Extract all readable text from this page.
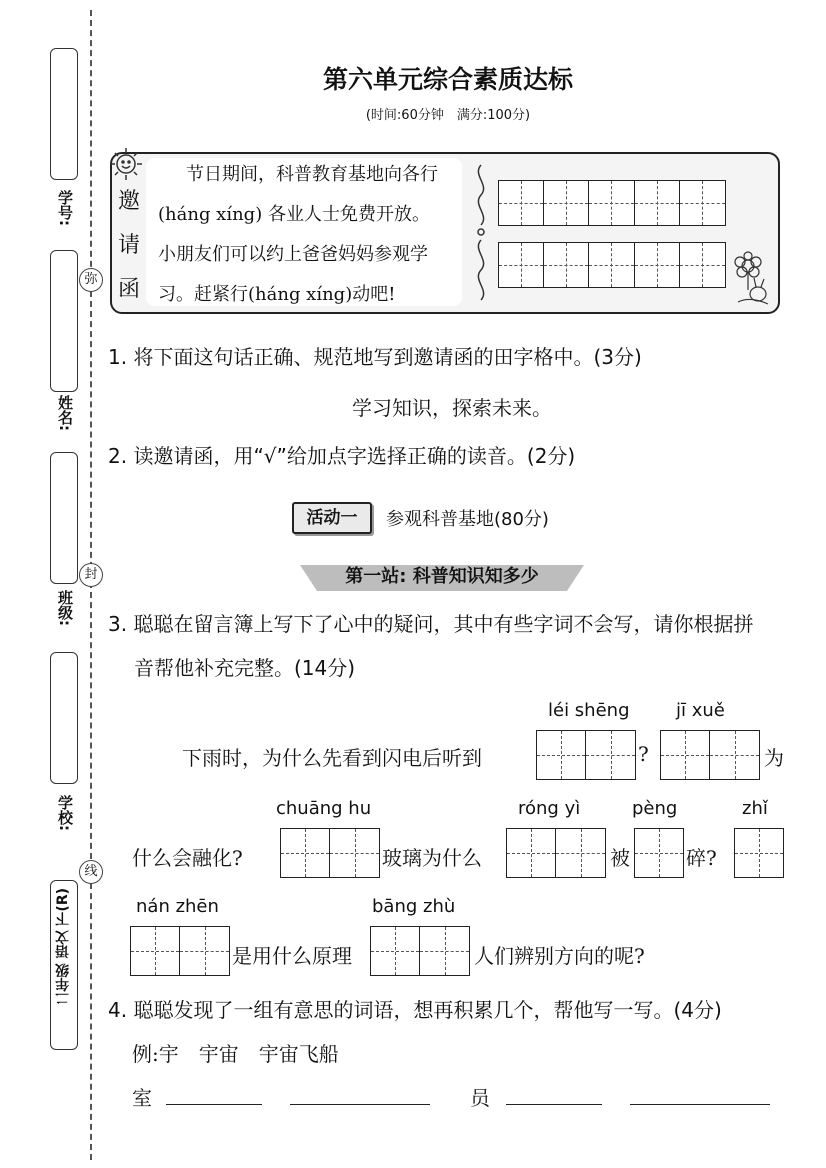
学号:
姓名:
班级:
学校:
二年级 语文 下(R)
弥
封
线
第六单元综合素质达标
(时间:60分钟　满分:100分)
邀
请
函
节日期间，科普教育基地向各行
(háng xíng) 各业人士免费开放。
小朋友们可以约上爸爸妈妈参观学
习。赶紧行(háng xíng)动吧!
1. 将下面这句话正确、规范地写到邀请函的田字格中。(3分)
学习知识，探索未来。
2. 读邀请函，用“√”给加点字选择正确的读音。(2分)
活动一	参观科普基地(80分)
第一站: 科普知识知多少
3. 聪聪在留言簿上写下了心中的疑问，其中有些字词不会写，请你根据拼
音帮他补充完整。(14分)
léi shēng	jī xuě
下雨时，为什么先看到闪电后听到	?	为
chuāng hu	róng yì	pèng	zhǐ
什么会融化?	玻璃为什么	被	碎?
nán zhēn	bāng zhù
是用什么原理	人们辨别方向的呢?
4. 聪聪发现了一组有意思的词语，想再积累几个，帮他写一写。(4分)
例:宇　宇宙　宇宙飞船
室	员
